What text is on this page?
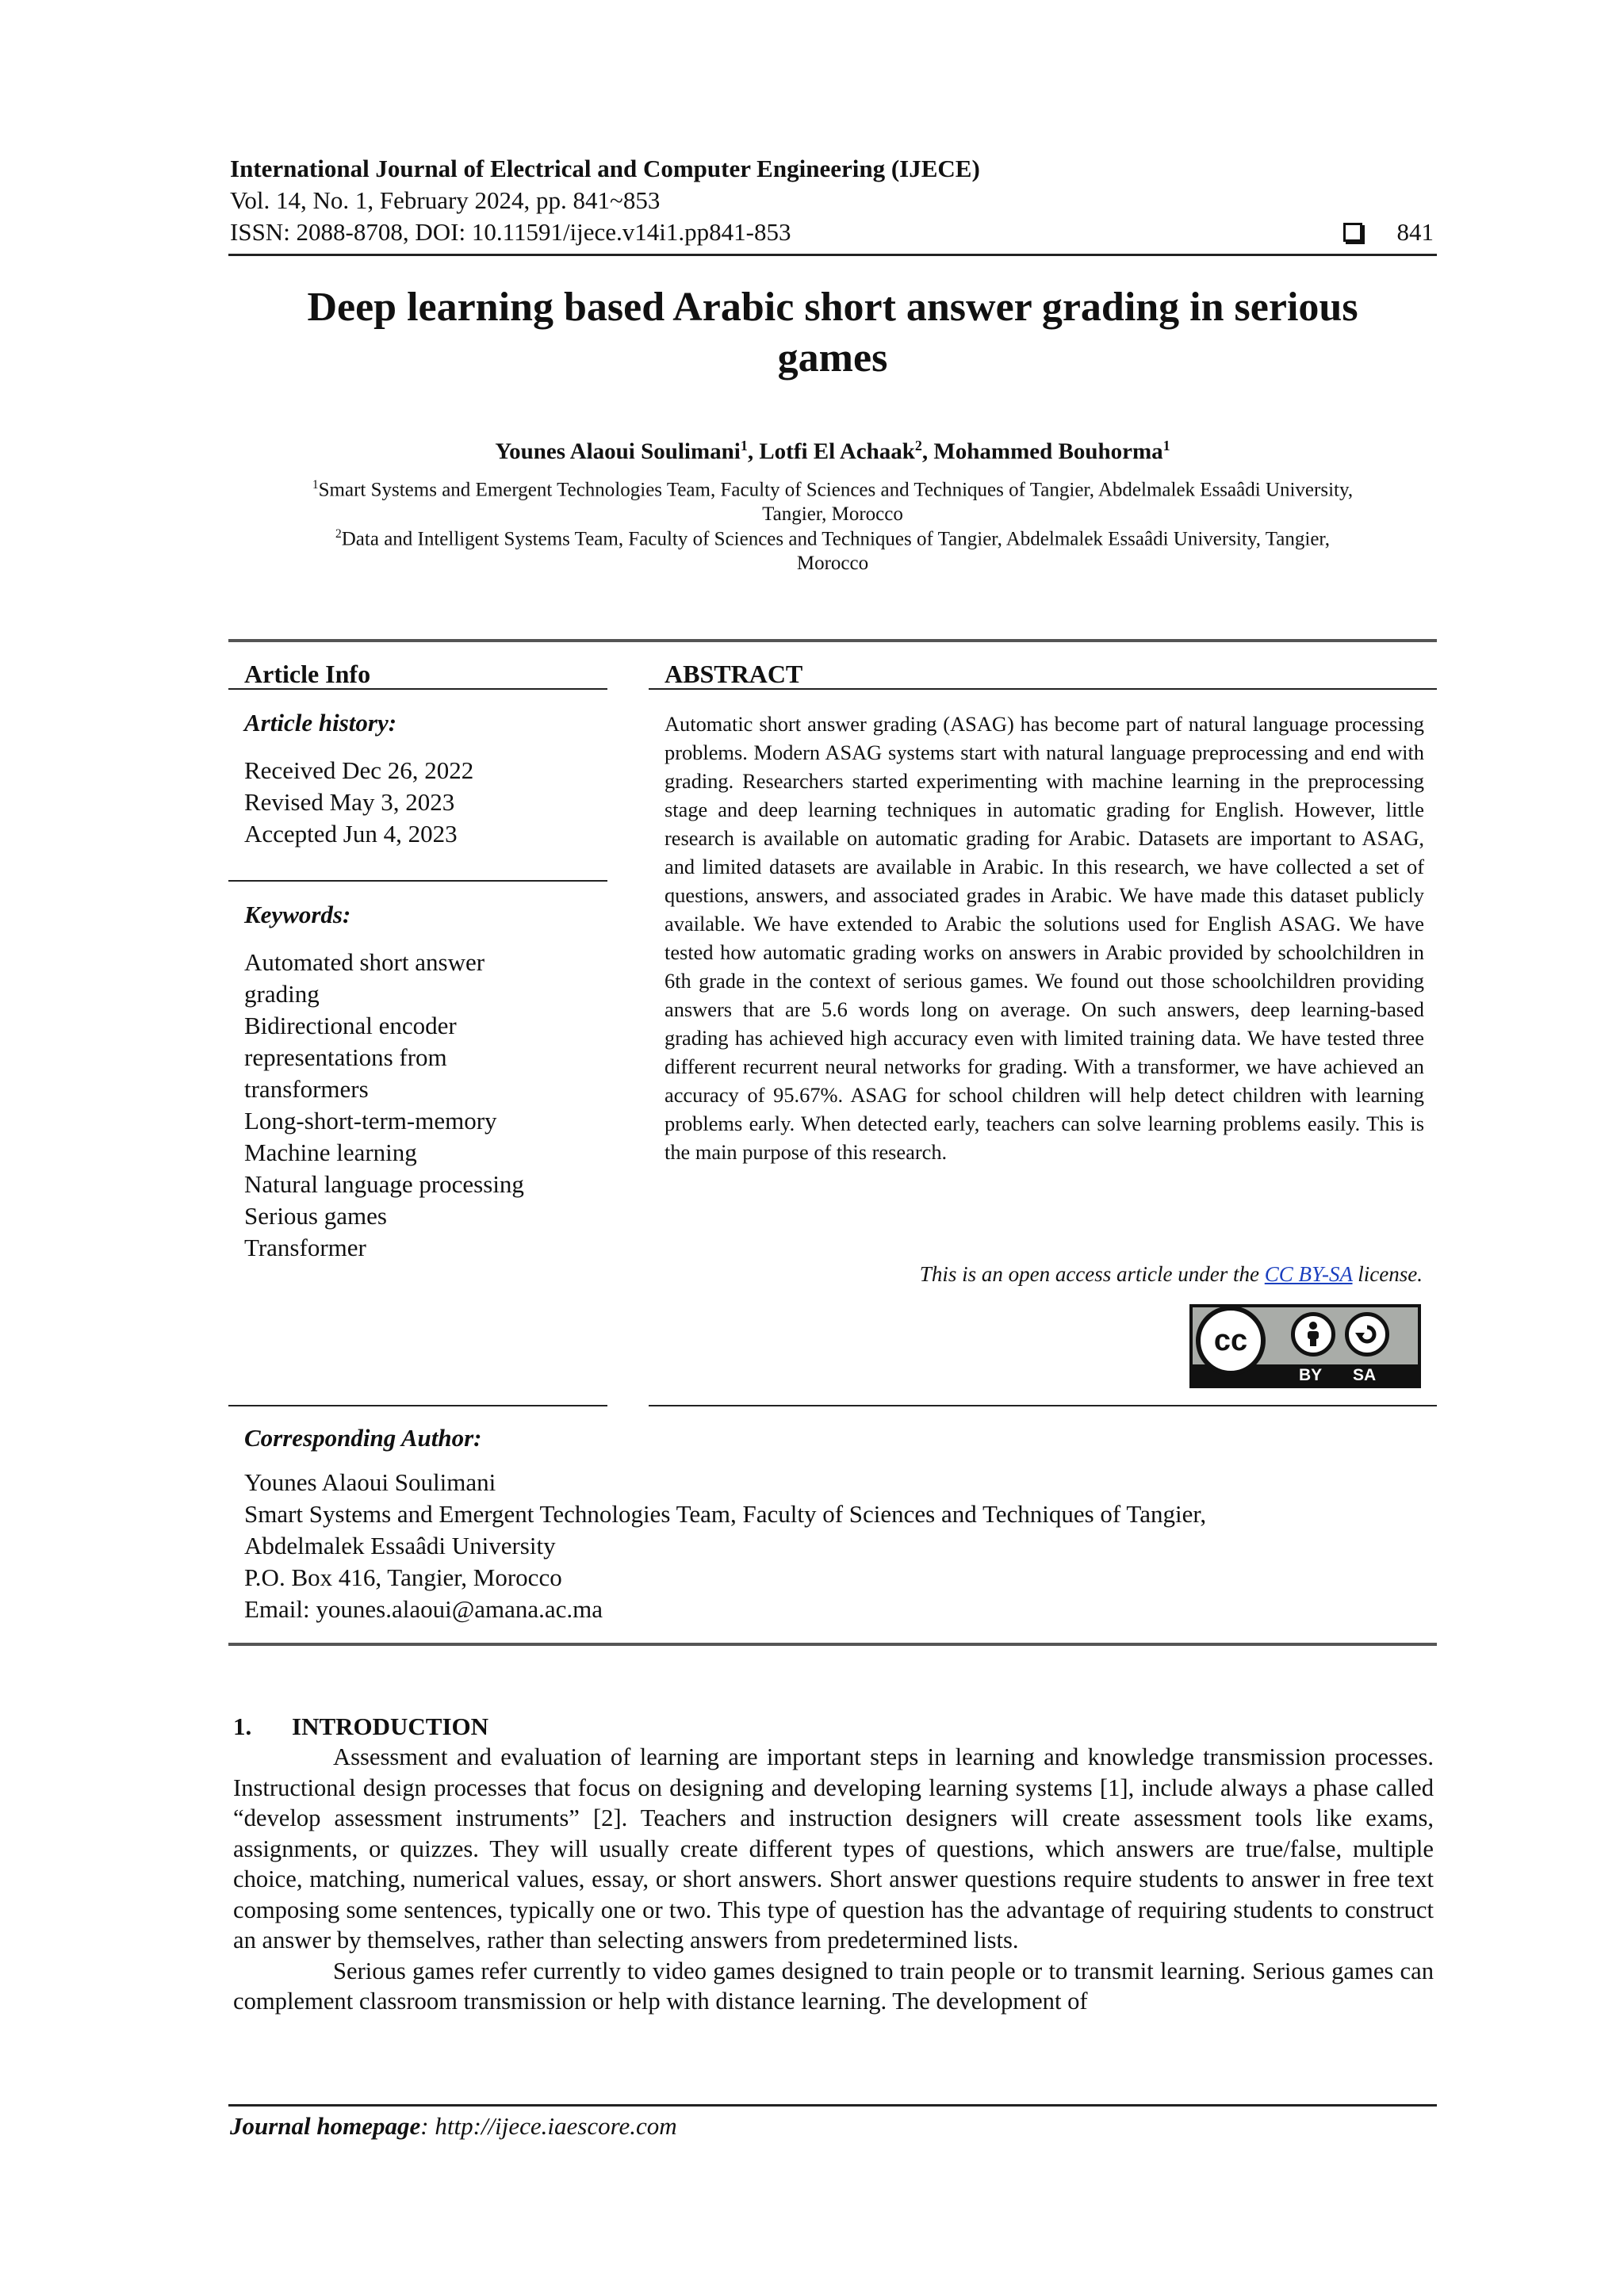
International Journal of Electrical and Computer Engineering (IJECE)
Vol. 14, No. 1, February 2024, pp. 841~853
ISSN: 2088-8708, DOI: 10.11591/ijece.v14i1.pp841-853	841
Deep learning based Arabic short answer grading in serious
games
Younes Alaoui Soulimani$^1$, Lotfi El Achaak$^2$, Mohammed Bouhorma$^1$
$^1$Smart Systems and Emergent Technologies Team, Faculty of Sciences and Techniques of Tangier, Abdelmalek Essaâdi University,
Tangier, Morocco
$^2$Data and Intelligent Systems Team, Faculty of Sciences and Techniques of Tangier, Abdelmalek Essaâdi University, Tangier,
Morocco
Article Info
Article history:
Received Dec 26, 2022
Revised May 3, 2023
Accepted Jun 4, 2023
Keywords:
Automated short answer
grading
Bidirectional encoder
representations from
transformers
Long-short-term-memory
Machine learning
Natural language processing
Serious games
Transformer
ABSTRACT
Automatic short answer grading (ASAG) has become part of natural language processing problems. Modern ASAG systems start with natural language preprocessing and end with grading. Researchers started experimenting with machine learning in the preprocessing stage and deep learning techniques in automatic grading for English. However, little research is available on automatic grading for Arabic. Datasets are important to ASAG, and limited datasets are available in Arabic. In this research, we have collected a set of questions, answers, and associated grades in Arabic. We have made this dataset publicly available. We have extended to Arabic the solutions used for English ASAG. We have tested how automatic grading works on answers in Arabic provided by schoolchildren in 6th grade in the context of serious games. We found out those schoolchildren providing answers that are 5.6 words long on average. On such answers, deep learning-based grading has achieved high accuracy even with limited training data. We have tested three different recurrent neural networks for grading. With a transformer, we have achieved an accuracy of 95.67%. ASAG for school children will help detect children with learning problems early. When detected early, teachers can solve learning problems easily. This is the main purpose of this research.
This is an open access article under the CC BY-SA license.
cc
BY SA
Corresponding Author:
Younes Alaoui Soulimani
Smart Systems and Emergent Technologies Team, Faculty of Sciences and Techniques of Tangier,
Abdelmalek Essaâdi University
P.O. Box 416, Tangier, Morocco
Email: younes.alaoui@amana.ac.ma
1. INTRODUCTION

Assessment and evaluation of learning are important steps in learning and knowledge transmission processes. Instructional design processes that focus on designing and developing learning systems [1], include always a phase called “develop assessment instruments” [2]. Teachers and instruction designers will create assessment tools like exams, assignments, or quizzes. They will usually create different types of questions, which answers are true/false, multiple choice, matching, numerical values, essay, or short answers. Short answer questions require students to answer in free text composing some sentences, typically one or two. This type of question has the advantage of requiring students to construct an answer by themselves, rather than selecting answers from predetermined lists.

Serious games refer currently to video games designed to train people or to transmit learning. Serious games can complement classroom transmission or help with distance learning. The development of

Journal homepage: http://ijece.iaescore.com
